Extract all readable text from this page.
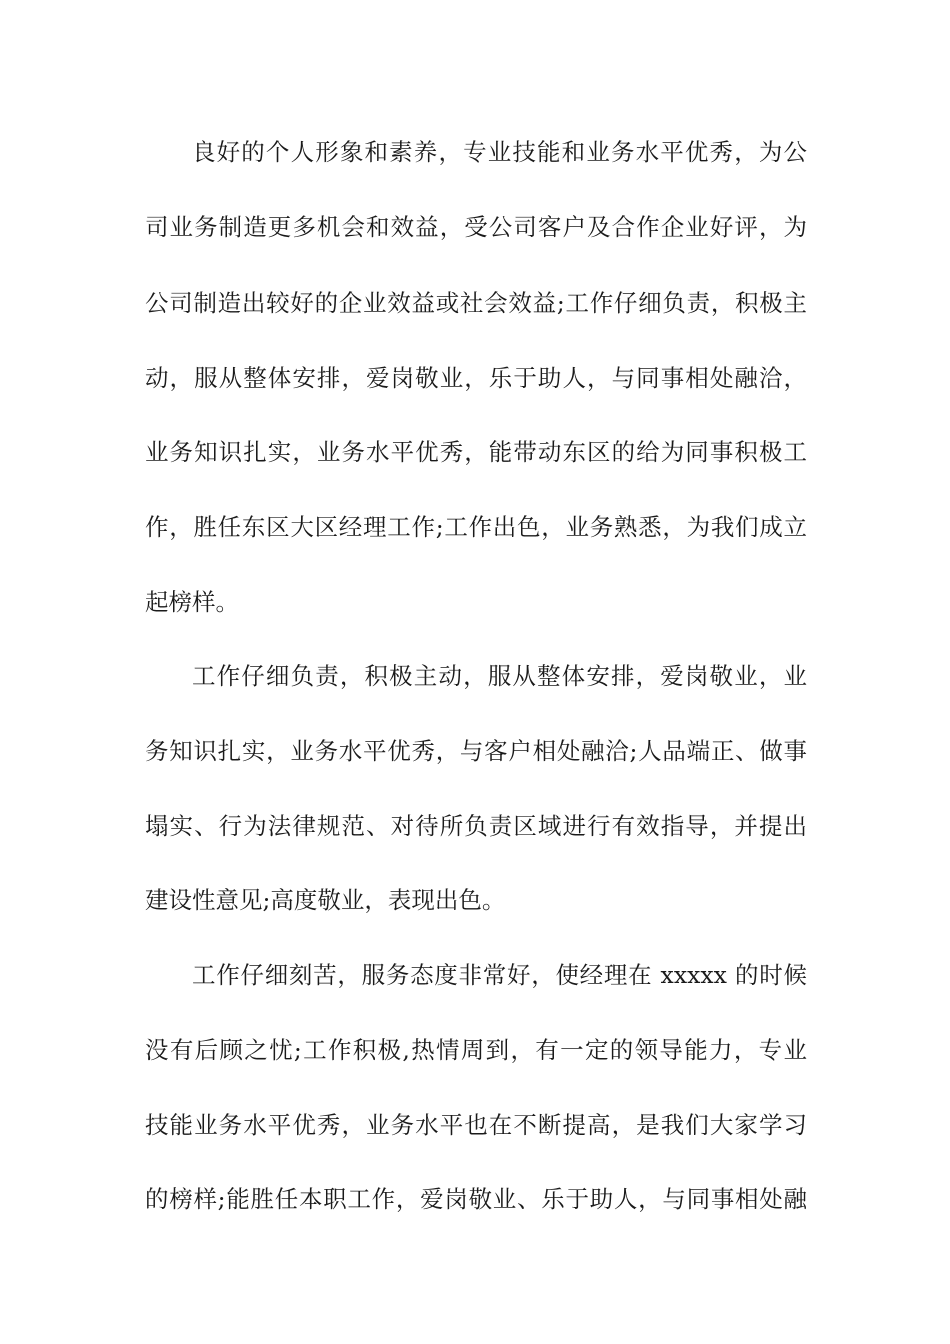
良好的个人形象和素养，专业技能和业务水平优秀，为公
司业务制造更多机会和效益，受公司客户及合作企业好评，为
公司制造出较好的企业效益或社会效益;工作仔细负责，积极主
动，服从整体安排，爱岗敬业，乐于助人，与同事相处融洽，
业务知识扎实，业务水平优秀，能带动东区的给为同事积极工
作，胜任东区大区经理工作;工作出色，业务熟悉，为我们成立
起榜样。
工作仔细负责，积极主动，服从整体安排，爱岗敬业，业
务知识扎实，业务水平优秀，与客户相处融洽;人品端正、做事
塌实、行为法律规范、对待所负责区域进行有效指导，并提出
建设性意见;高度敬业，表现出色。
工作仔细刻苦，服务态度非常好，使经理在 xxxxx 的时候
没有后顾之忧;工作积极,热情周到，有一定的领导能力，专业
技能业务水平优秀，业务水平也在不断提高，是我们大家学习
的榜样;能胜任本职工作，爱岗敬业、乐于助人，与同事相处融
